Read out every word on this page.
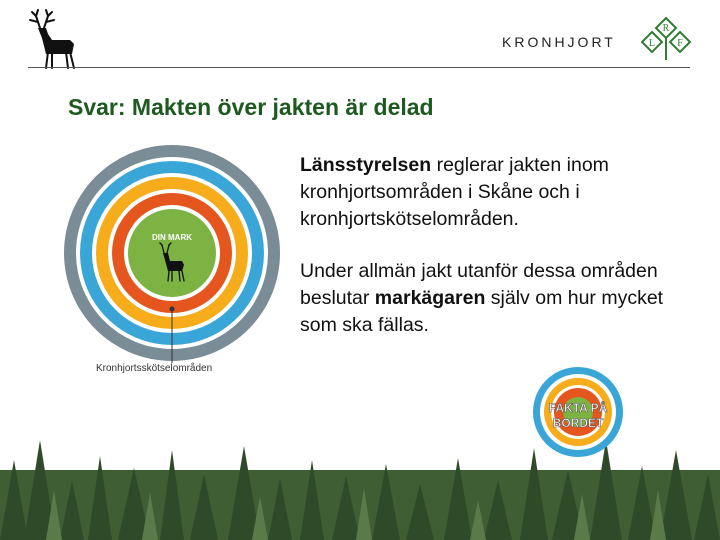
KRONHJORT
R
L F
Svar: Makten över jakten är delad
DIN MARK
Kronhjortsskötselområden
Länsstyrelsen reglerar jakten inom kronhjortsområden i Skåne och i kronhjortskötselområden.
Under allmän jakt utanför dessa områden beslutar markägaren själv om hur mycket som ska fällas.
FAKTA PÅ
BORDET
